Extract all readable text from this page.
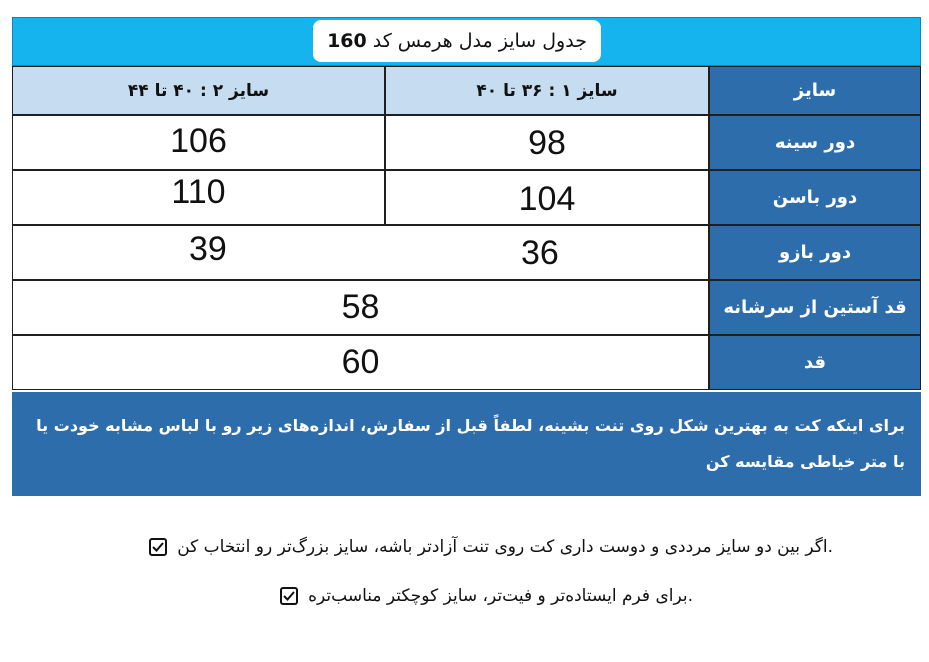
جدول سایز مدل هرمس کد
160
سایز
سایز ۱ : ۳۶ تا ۴۰
سایز ۲ : ۴۰ تا ۴۴
دور سینه
98
106
دور باسن
104
110
دور بازو
39	36
قد آستین از سرشانه
58
قد
60
برای اینکه کت به بهترین شکل روی تنت بشینه، لطفاً قبل از سفارش، اندازه‌های زیر رو با لباس مشابه خودت یا با متر خیاطی مقایسه کن
.اگر بین دو سایز مرددی و دوست داری کت روی تنت آزادتر باشه، سایز بزرگ‌تر رو انتخاب کن
.برای فرم ایستاده‌تر و فیت‌تر، سایز کوچکتر مناسب‌تره
